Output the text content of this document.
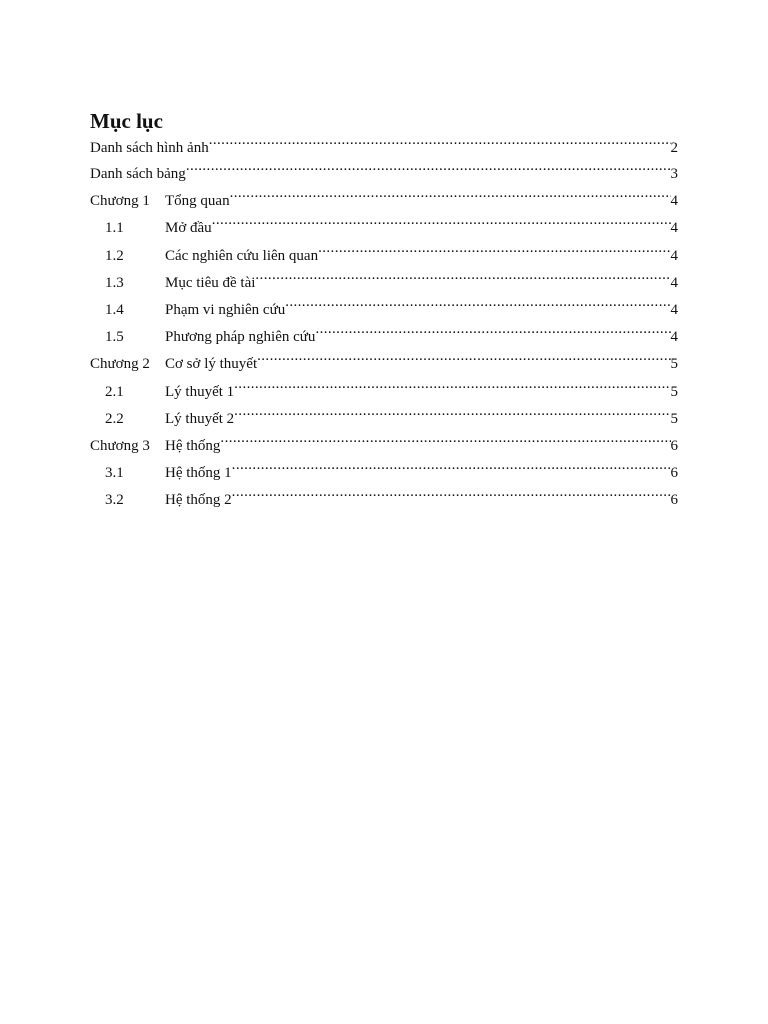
Mục lục
Danh sách hình ảnh .....	2
Danh sách bảng .....	3
Chương 1	Tổng quan .....	4
1.1	Mở đầu .....	4
1.2	Các nghiên cứu liên quan .....	4
1.3	Mục tiêu đề tài .....	4
1.4	Phạm vi nghiên cứu .....	4
1.5	Phương pháp nghiên cứu .....	4
Chương 2	Cơ sở lý thuyết .....	5
2.1	Lý thuyết 1 .....	5
2.2	Lý thuyết 2 .....	5
Chương 3	Hệ thống .....	6
3.1	Hệ thống 1 .....	6
3.2	Hệ thống 2 .....	6
